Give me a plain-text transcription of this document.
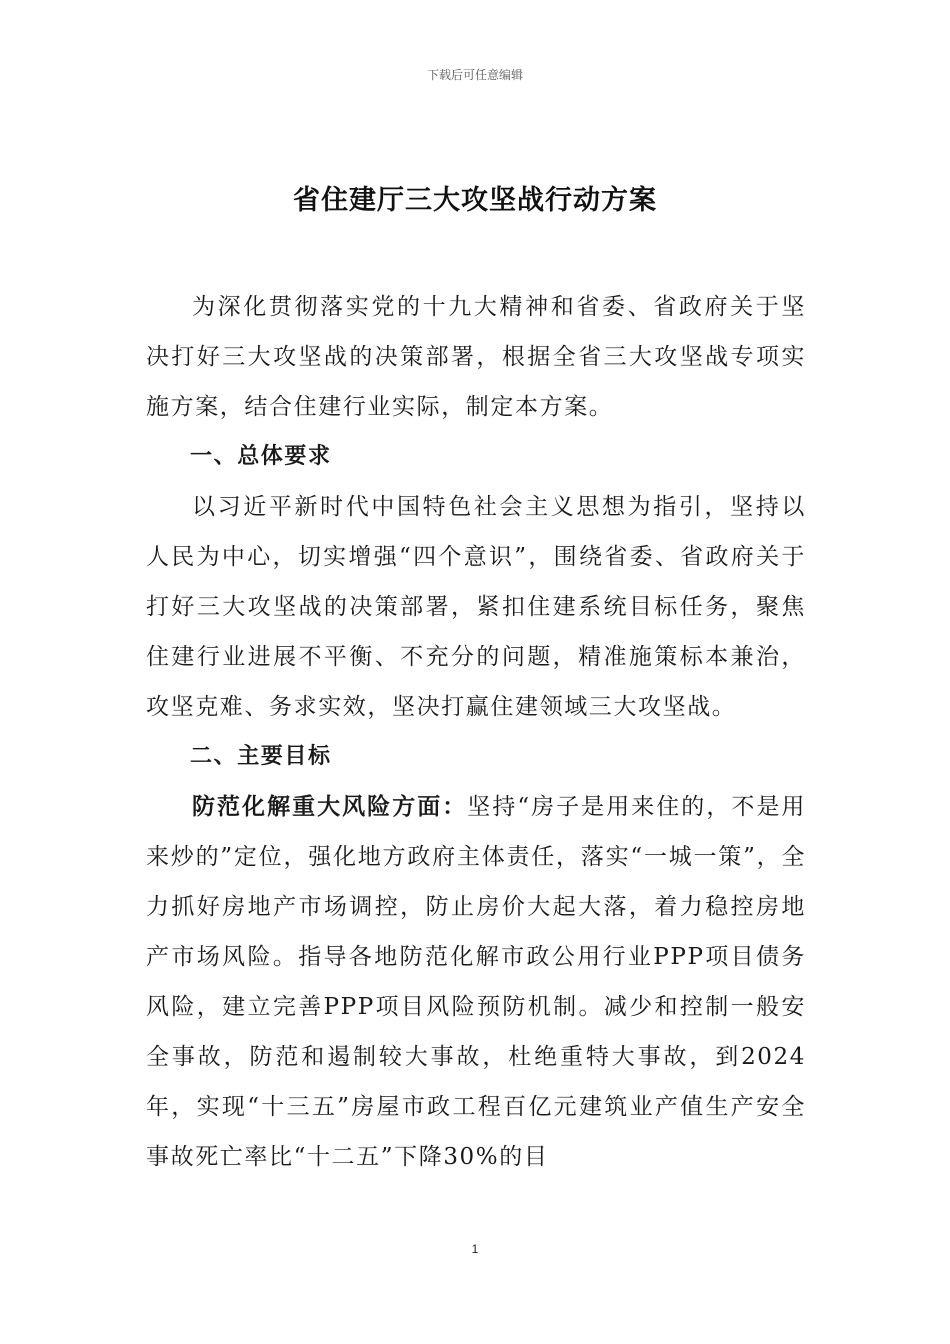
下载后可任意编辑
省住建厅三大攻坚战行动方案

为深化贯彻落实党的十九大精神和省委、省政府关于坚决打好三大攻坚战的决策部署，根据全省三大攻坚战专项实施方案，结合住建行业实际，制定本方案。

一、总体要求

以习近平新时代中国特色社会主义思想为指引，坚持以人民为中心，切实增强“四个意识”，围绕省委、省政府关于打好三大攻坚战的决策部署，紧扣住建系统目标任务，聚焦住建行业进展不平衡、不充分的问题，精准施策标本兼治，攻坚克难、务求实效，坚决打赢住建领域三大攻坚战。

二、主要目标

防范化解重大风险方面：坚持“房子是用来住的，不是用来炒的”定位，强化地方政府主体责任，落实“一城一策”，全力抓好房地产市场调控，防止房价大起大落，着力稳控房地产市场风险。指导各地防范化解市政公用行业PPP项目债务风险，建立完善PPP项目风险预防机制。减少和控制一般安全事故，防范和遏制较大事故，杜绝重特大事故，到2024年，实现“十三五”房屋市政工程百亿元建筑业产值生产安全事故死亡率比“十二五”下降30%的目

1
